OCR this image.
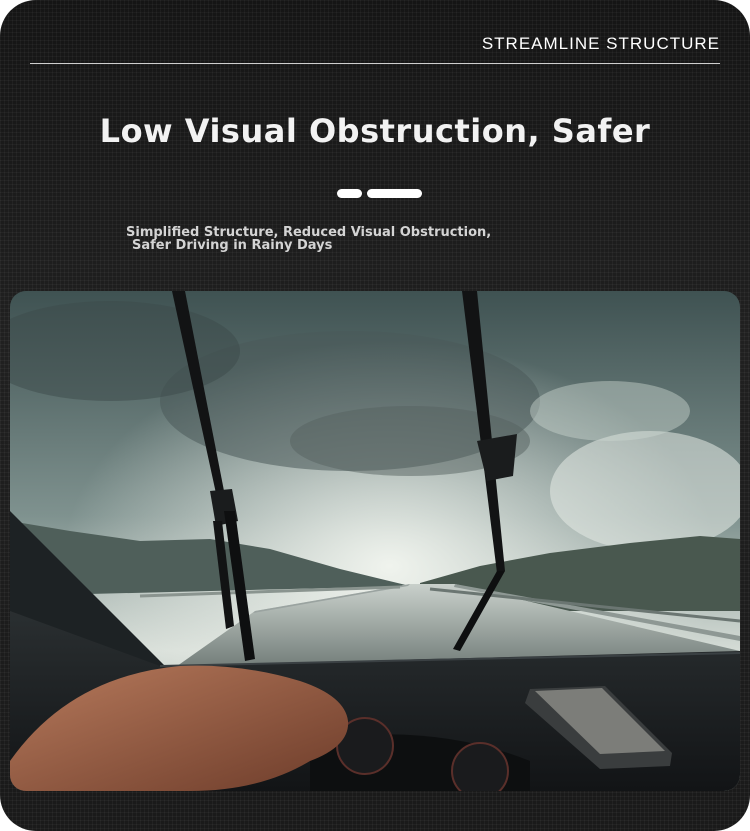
STREAMLINE STRUCTURE
Low Visual Obstruction, Safer
Simplified Structure, Reduced Visual Obstruction,
Safer Driving in Rainy Days
